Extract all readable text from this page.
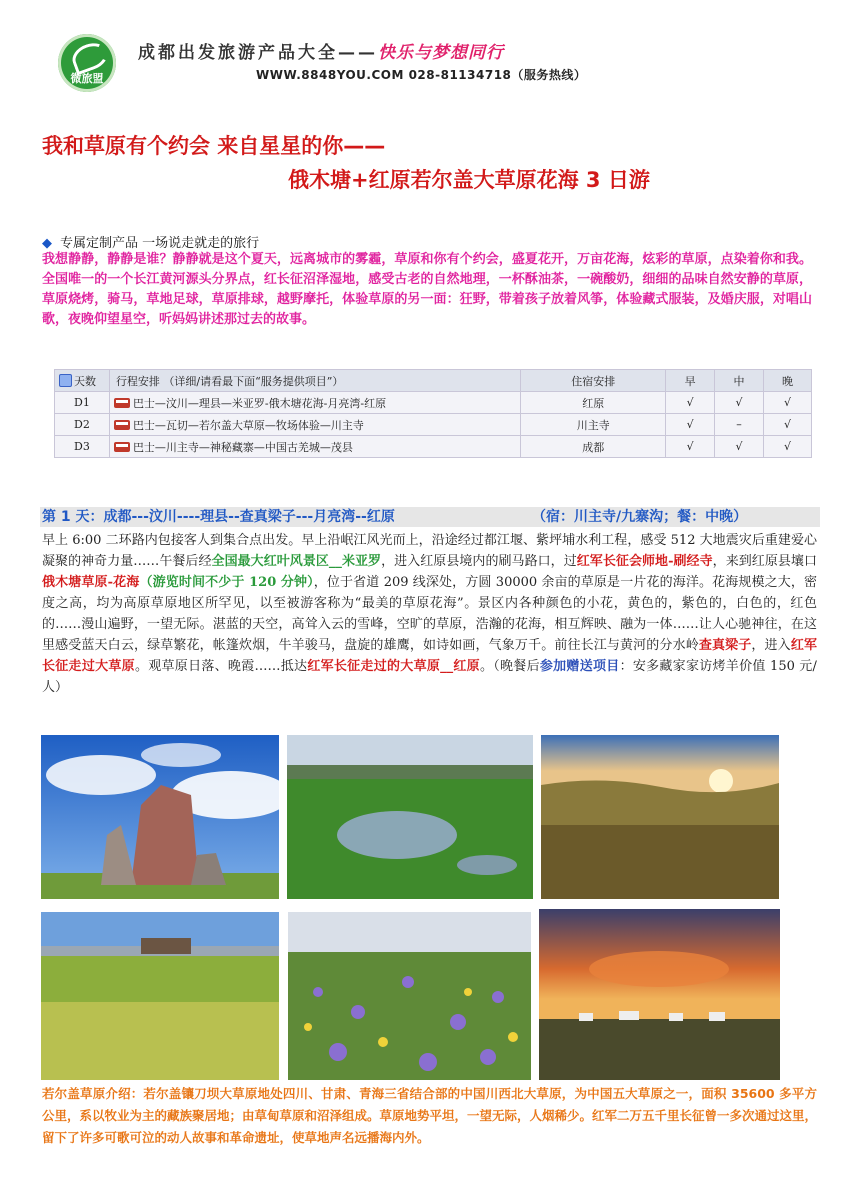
微旅盟
成都出发旅游产品大全——快乐与梦想同行
WWW.8848YOU.COM 028-81134718（服务热线）
我和草原有个约会 来自星星的你——
俄木塘+红原若尔盖大草原花海 3 日游
◆ 专属定制产品 一场说走就走的旅行
我想静静，静静是谁？静静就是这个夏天，远离城市的雾霾，草原和你有个约会，盛夏花开，万亩花海，炫彩的草原，点染着你和我。全国唯一的一个长江黄河源头分界点，红长征沼泽湿地，感受古老的自然地理，一杯酥油茶，一碗酸奶，细细的品味自然安静的草原，草原烧烤，骑马，草地足球，草原排球，越野摩托，体验草原的另一面：狂野，带着孩子放着风筝，体验藏式服装，及婚庆服，对唱山歌，夜晚仰望星空，听妈妈讲述那过去的故事。
天数	行程安排 （详细/请看最下面“服务提供项目”）	住宿安排	早	中	晚
D1	巴士—汶川—理县—米亚罗-俄木塘花海-月亮湾-红原	红原	√	√	√
D2	巴士—瓦切—若尔盖大草原—牧场体验—川主寺	川主寺	√	–	√
D3	巴士—川主寺—神秘藏寨—中国古羌城—茂县	成都	√	√	√
第 1 天：成都---汶川----理县--查真梁子---月亮湾--红原	（宿：川主寺/九寨沟；餐：中晚）
早上 6:00 二环路内包接客人到集合点出发。早上沿岷江风光而上，沿途经过都江堰、紫坪埔水利工程，感受 512 大地震灾后重建爱心凝聚的神奇力量……午餐后经全国最大红叶风景区__米亚罗，进入红原县境内的刷马路口，过红军长征会师地-刷经寺，来到红原县壤口俄木塘草原-花海（游览时间不少于 120 分钟），位于省道 209 线深处，方圆 30000 余亩的草原是一片花的海洋。花海规模之大，密度之高，均为高原草原地区所罕见，以至被游客称为“最美的草原花海”。景区内各种颜色的小花，黄色的，紫色的，白色的，红色的……漫山遍野，一望无际。湛蓝的天空，高耸入云的雪峰，空旷的草原，浩瀚的花海，相互辉映、融为一体……让人心驰神往，在这里感受蓝天白云，绿草繁花，帐篷炊烟，牛羊骏马，盘旋的雄鹰，如诗如画，气象万千。前往长江与黄河的分水岭查真梁子，进入红军长征走过大草原。观草原日落、晚霞……抵达红军长征走过的大草原__红原。（晚餐后参加赠送项目：安多藏家家访烤羊价值 150 元/人）
若尔盖草原介绍：若尔盖镶刀坝大草原地处四川、甘肃、青海三省结合部的中国川西北大草原，为中国五大草原之一，面积 35600 多平方公里，系以牧业为主的藏族聚居地；由草甸草原和沼泽组成。草原地势平坦，一望无际，人烟稀少。红军二万五千里长征曾一多次通过这里，留下了许多可歌可泣的动人故事和革命遗址，使草地声名远播海内外。
